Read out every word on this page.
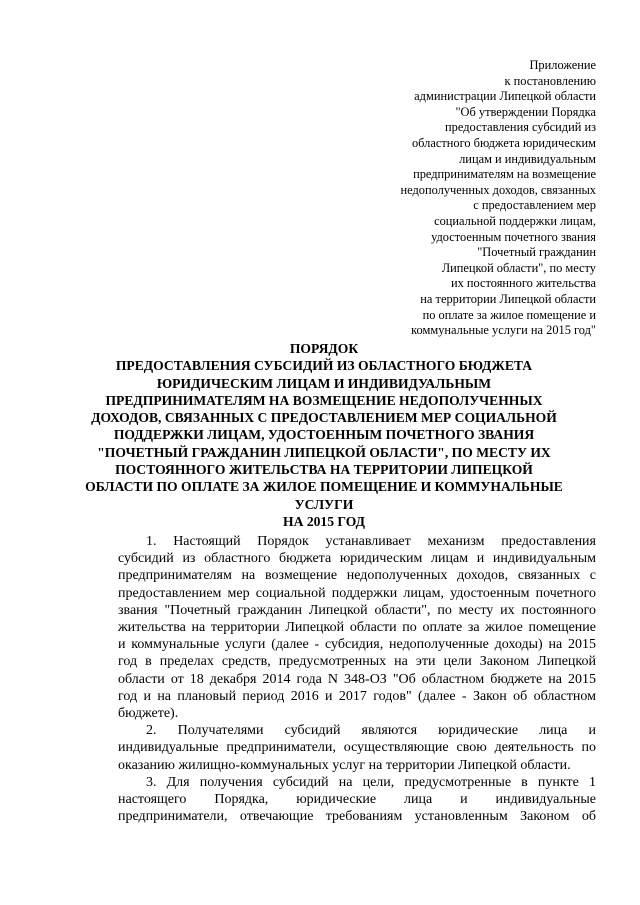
Приложение
к постановлению
администрации Липецкой области
"Об утверждении Порядка
предоставления субсидий из
областного бюджета юридическим
лицам и индивидуальным
предпринимателям на возмещение
недополученных доходов, связанных
с предоставлением мер
социальной поддержки лицам,
удостоенным почетного звания
"Почетный гражданин
Липецкой области", по месту
их постоянного жительства
на территории Липецкой области
по оплате за жилое помещение и
коммунальные услуги на 2015 год"
ПОРЯДОК
ПРЕДОСТАВЛЕНИЯ СУБСИДИЙ ИЗ ОБЛАСТНОГО БЮДЖЕТА
ЮРИДИЧЕСКИМ ЛИЦАМ И ИНДИВИДУАЛЬНЫМ
ПРЕДПРИНИМАТЕЛЯМ НА ВОЗМЕЩЕНИЕ НЕДОПОЛУЧЕННЫХ
ДОХОДОВ, СВЯЗАННЫХ С ПРЕДОСТАВЛЕНИЕМ МЕР СОЦИАЛЬНОЙ
ПОДДЕРЖКИ ЛИЦАМ, УДОСТОЕННЫМ ПОЧЕТНОГО ЗВАНИЯ
"ПОЧЕТНЫЙ ГРАЖДАНИН ЛИПЕЦКОЙ ОБЛАСТИ", ПО МЕСТУ ИХ
ПОСТОЯННОГО ЖИТЕЛЬСТВА НА ТЕРРИТОРИИ ЛИПЕЦКОЙ
ОБЛАСТИ ПО ОПЛАТЕ ЗА ЖИЛОЕ ПОМЕЩЕНИЕ И КОММУНАЛЬНЫЕ
УСЛУГИ
НА 2015 ГОД
1. Настоящий Порядок устанавливает механизм предоставления
субсидий из областного бюджета юридическим лицам и индивидуальным
предпринимателям на возмещение недополученных доходов, связанных с
предоставлением мер социальной поддержки лицам, удостоенным почетного
звания "Почетный гражданин Липецкой области", по месту их постоянного
жительства на территории Липецкой области по оплате за жилое помещение
и коммунальные услуги (далее - субсидия, недополученные доходы) на 2015
год в пределах средств, предусмотренных на эти цели Законом Липецкой
области от 18 декабря 2014 года N 348-ОЗ "Об областном бюджете на 2015
год и на плановый период 2016 и 2017 годов" (далее - Закон об областном
бюджете).
2. Получателями субсидий являются юридические лица и
индивидуальные предприниматели, осуществляющие свою деятельность по
оказанию жилищно-коммунальных услуг на территории Липецкой области.
3. Для получения субсидий на цели, предусмотренные в пункте 1
настоящего Порядка, юридические лица и индивидуальные
предприниматели, отвечающие требованиям установленным Законом об
